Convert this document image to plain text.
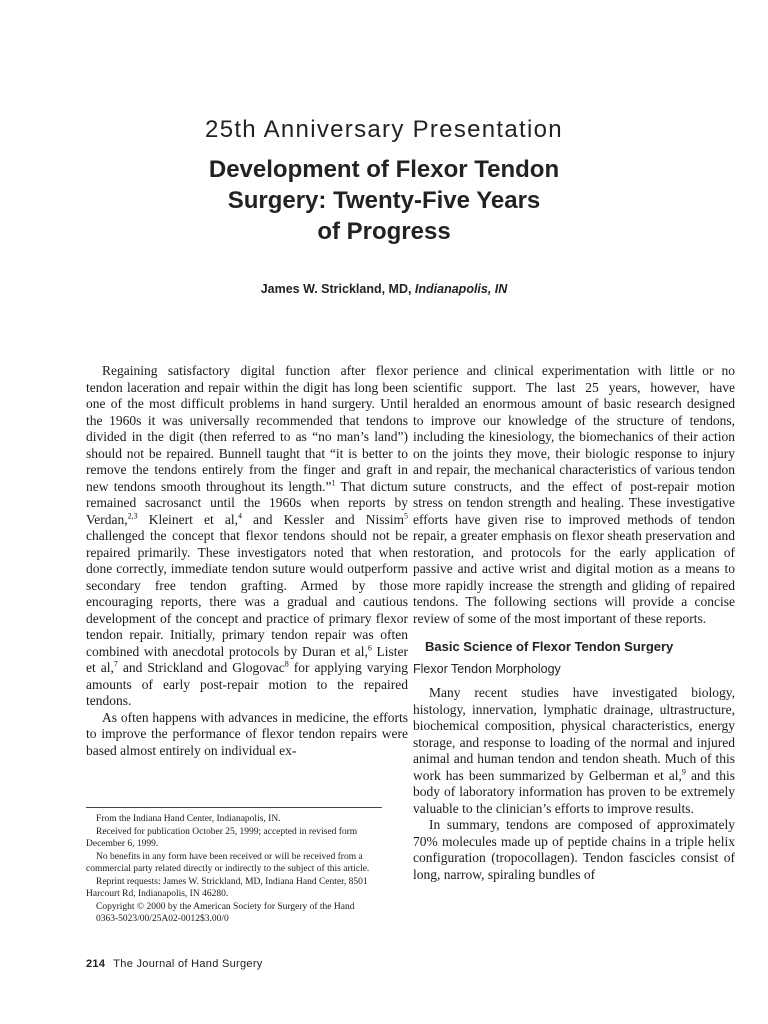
25th Anniversary Presentation
Development of Flexor Tendon
Surgery: Twenty-Five Years
of Progress
James W. Strickland, MD, Indianapolis, IN

Regaining satisfactory digital function after flexor tendon laceration and repair within the digit has long been one of the most difficult problems in hand surgery. Until the 1960s it was universally recommended that tendons divided in the digit (then referred to as “no man’s land”) should not be repaired. Bunnell taught that “it is better to remove the tendons entirely from the finger and graft in new tendons smooth throughout its length.”$^1$ That dictum remained sacrosanct until the 1960s when reports by Verdan,$^{2,3}$ Kleinert et al,$^4$ and Kessler and Nissim$^5$ challenged the concept that flexor tendons should not be repaired primarily. These investigators noted that when done correctly, immediate tendon suture would outperform secondary free tendon grafting. Armed by those encouraging reports, there was a gradual and cautious development of the concept and practice of primary flexor tendon repair. Initially, primary tendon repair was often combined with anecdotal protocols by Duran et al,$^6$ Lister et al,$^7$ and Strickland and Glogovac$^8$ for applying varying amounts of early post-repair motion to the repaired tendons.

As often happens with advances in medicine, the efforts to improve the performance of flexor tendon repairs were based almost entirely on individual ex-

From the Indiana Hand Center, Indianapolis, IN.

Received for publication October 25, 1999; accepted in revised form December 6, 1999.

No benefits in any form have been received or will be received from a commercial party related directly or indirectly to the subject of this article.

Reprint requests: James W. Strickland, MD, Indiana Hand Center, 8501 Harcourt Rd, Indianapolis, IN 46280.

Copyright © 2000 by the American Society for Surgery of the Hand

0363-5023/00/25A02-0012$3.00/0

perience and clinical experimentation with little or no scientific support. The last 25 years, however, have heralded an enormous amount of basic research designed to improve our knowledge of the structure of tendons, including the kinesiology, the biomechanics of their action on the joints they move, their biologic response to injury and repair, the mechanical characteristics of various tendon suture constructs, and the effect of post-repair motion stress on tendon strength and healing. These investigative efforts have given rise to improved methods of tendon repair, a greater emphasis on flexor sheath preservation and restoration, and protocols for the early application of passive and active wrist and digital motion as a means to more rapidly increase the strength and gliding of repaired tendons. The following sections will provide a concise review of some of the most important of these reports.

Basic Science of Flexor Tendon Surgery
Flexor Tendon Morphology

Many recent studies have investigated biology, histology, innervation, lymphatic drainage, ultrastructure, biochemical composition, physical characteristics, energy storage, and response to loading of the normal and injured animal and human tendon and tendon sheath. Much of this work has been summarized by Gelberman et al,$^9$ and this body of laboratory information has proven to be extremely valuable to the clinician’s efforts to improve results.

In summary, tendons are composed of approximately 70% molecules made up of peptide chains in a triple helix configuration (tropocollagen). Tendon fascicles consist of long, narrow, spiraling bundles of

214 The Journal of Hand Surgery
